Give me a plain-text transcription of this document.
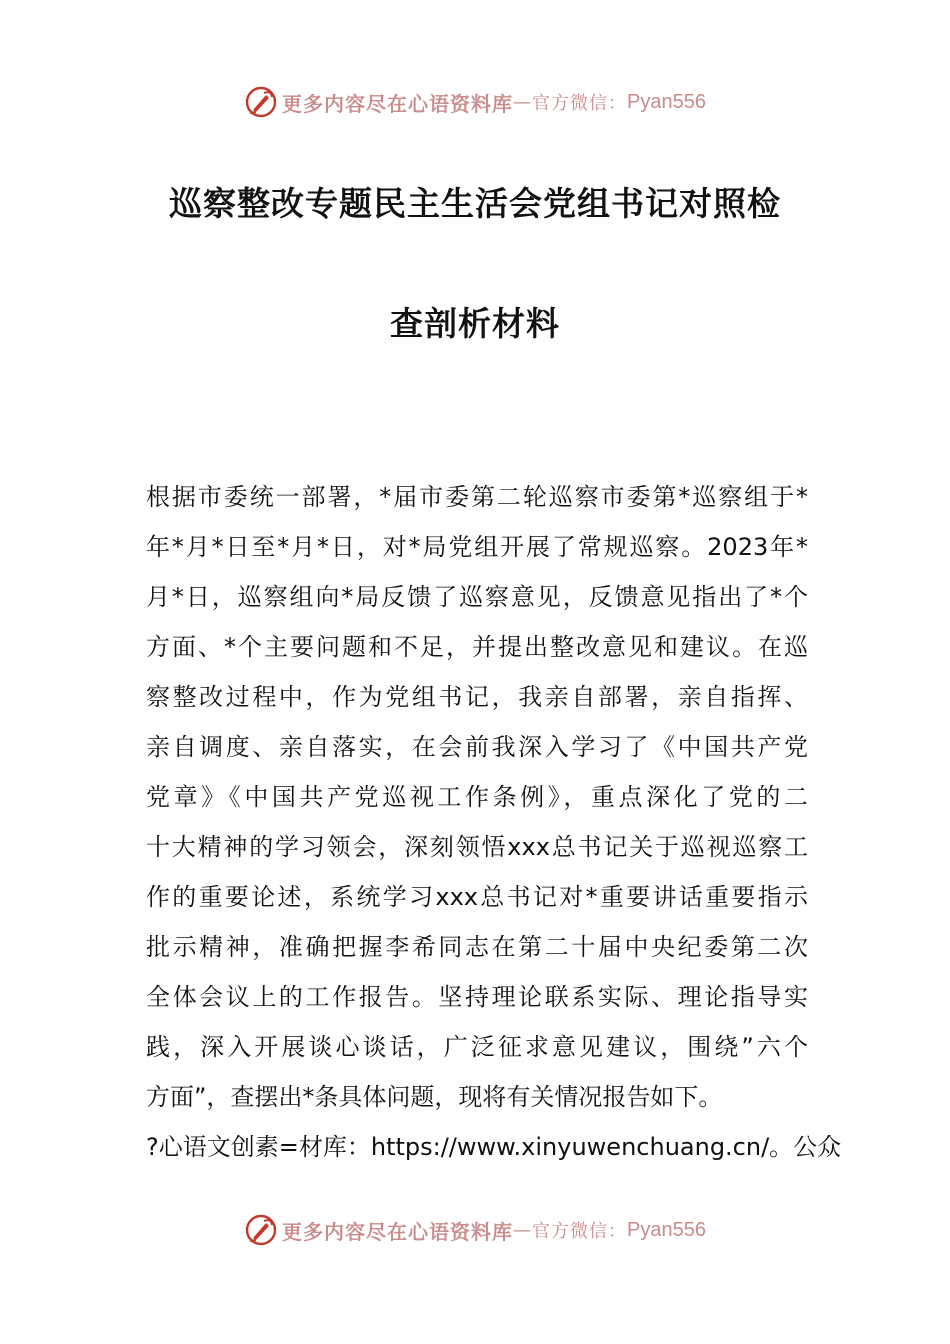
更多内容尽在心语资料库 — 官方微信： Pyan556
巡察整改专题民主生活会党组书记对照检
查剖析材料
根据市委统一部署，*届市委第二轮巡察市委第*巡察组于*
年*月*日至*月*日，对*局党组开展了常规巡察。2023年*
月*日，巡察组向*局反馈了巡察意见，反馈意见指出了*个
方面、*个主要问题和不足，并提出整改意见和建议。在巡
察整改过程中，作为党组书记，我亲自部署，亲自指挥、
亲自调度、亲自落实，在会前我深入学习了《中国共产党
党章》《中国共产党巡视工作条例》，重点深化了党的二
十大精神的学习领会，深刻领悟xxx总书记关于巡视巡察工
作的重要论述，系统学习xxx总书记对*重要讲话重要指示
批示精神，准确把握李希同志在第二十届中央纪委第二次
全体会议上的工作报告。坚持理论联系实际、理论指导实
践，深入开展谈心谈话，广泛征求意见建议，围绕”六个
方面”，查摆出*条具体问题，现将有关情况报告如下。
?心语文创素=材库：https://www.xinyuwenchuang.cn/。公众
更多内容尽在心语资料库 — 官方微信： Pyan556
